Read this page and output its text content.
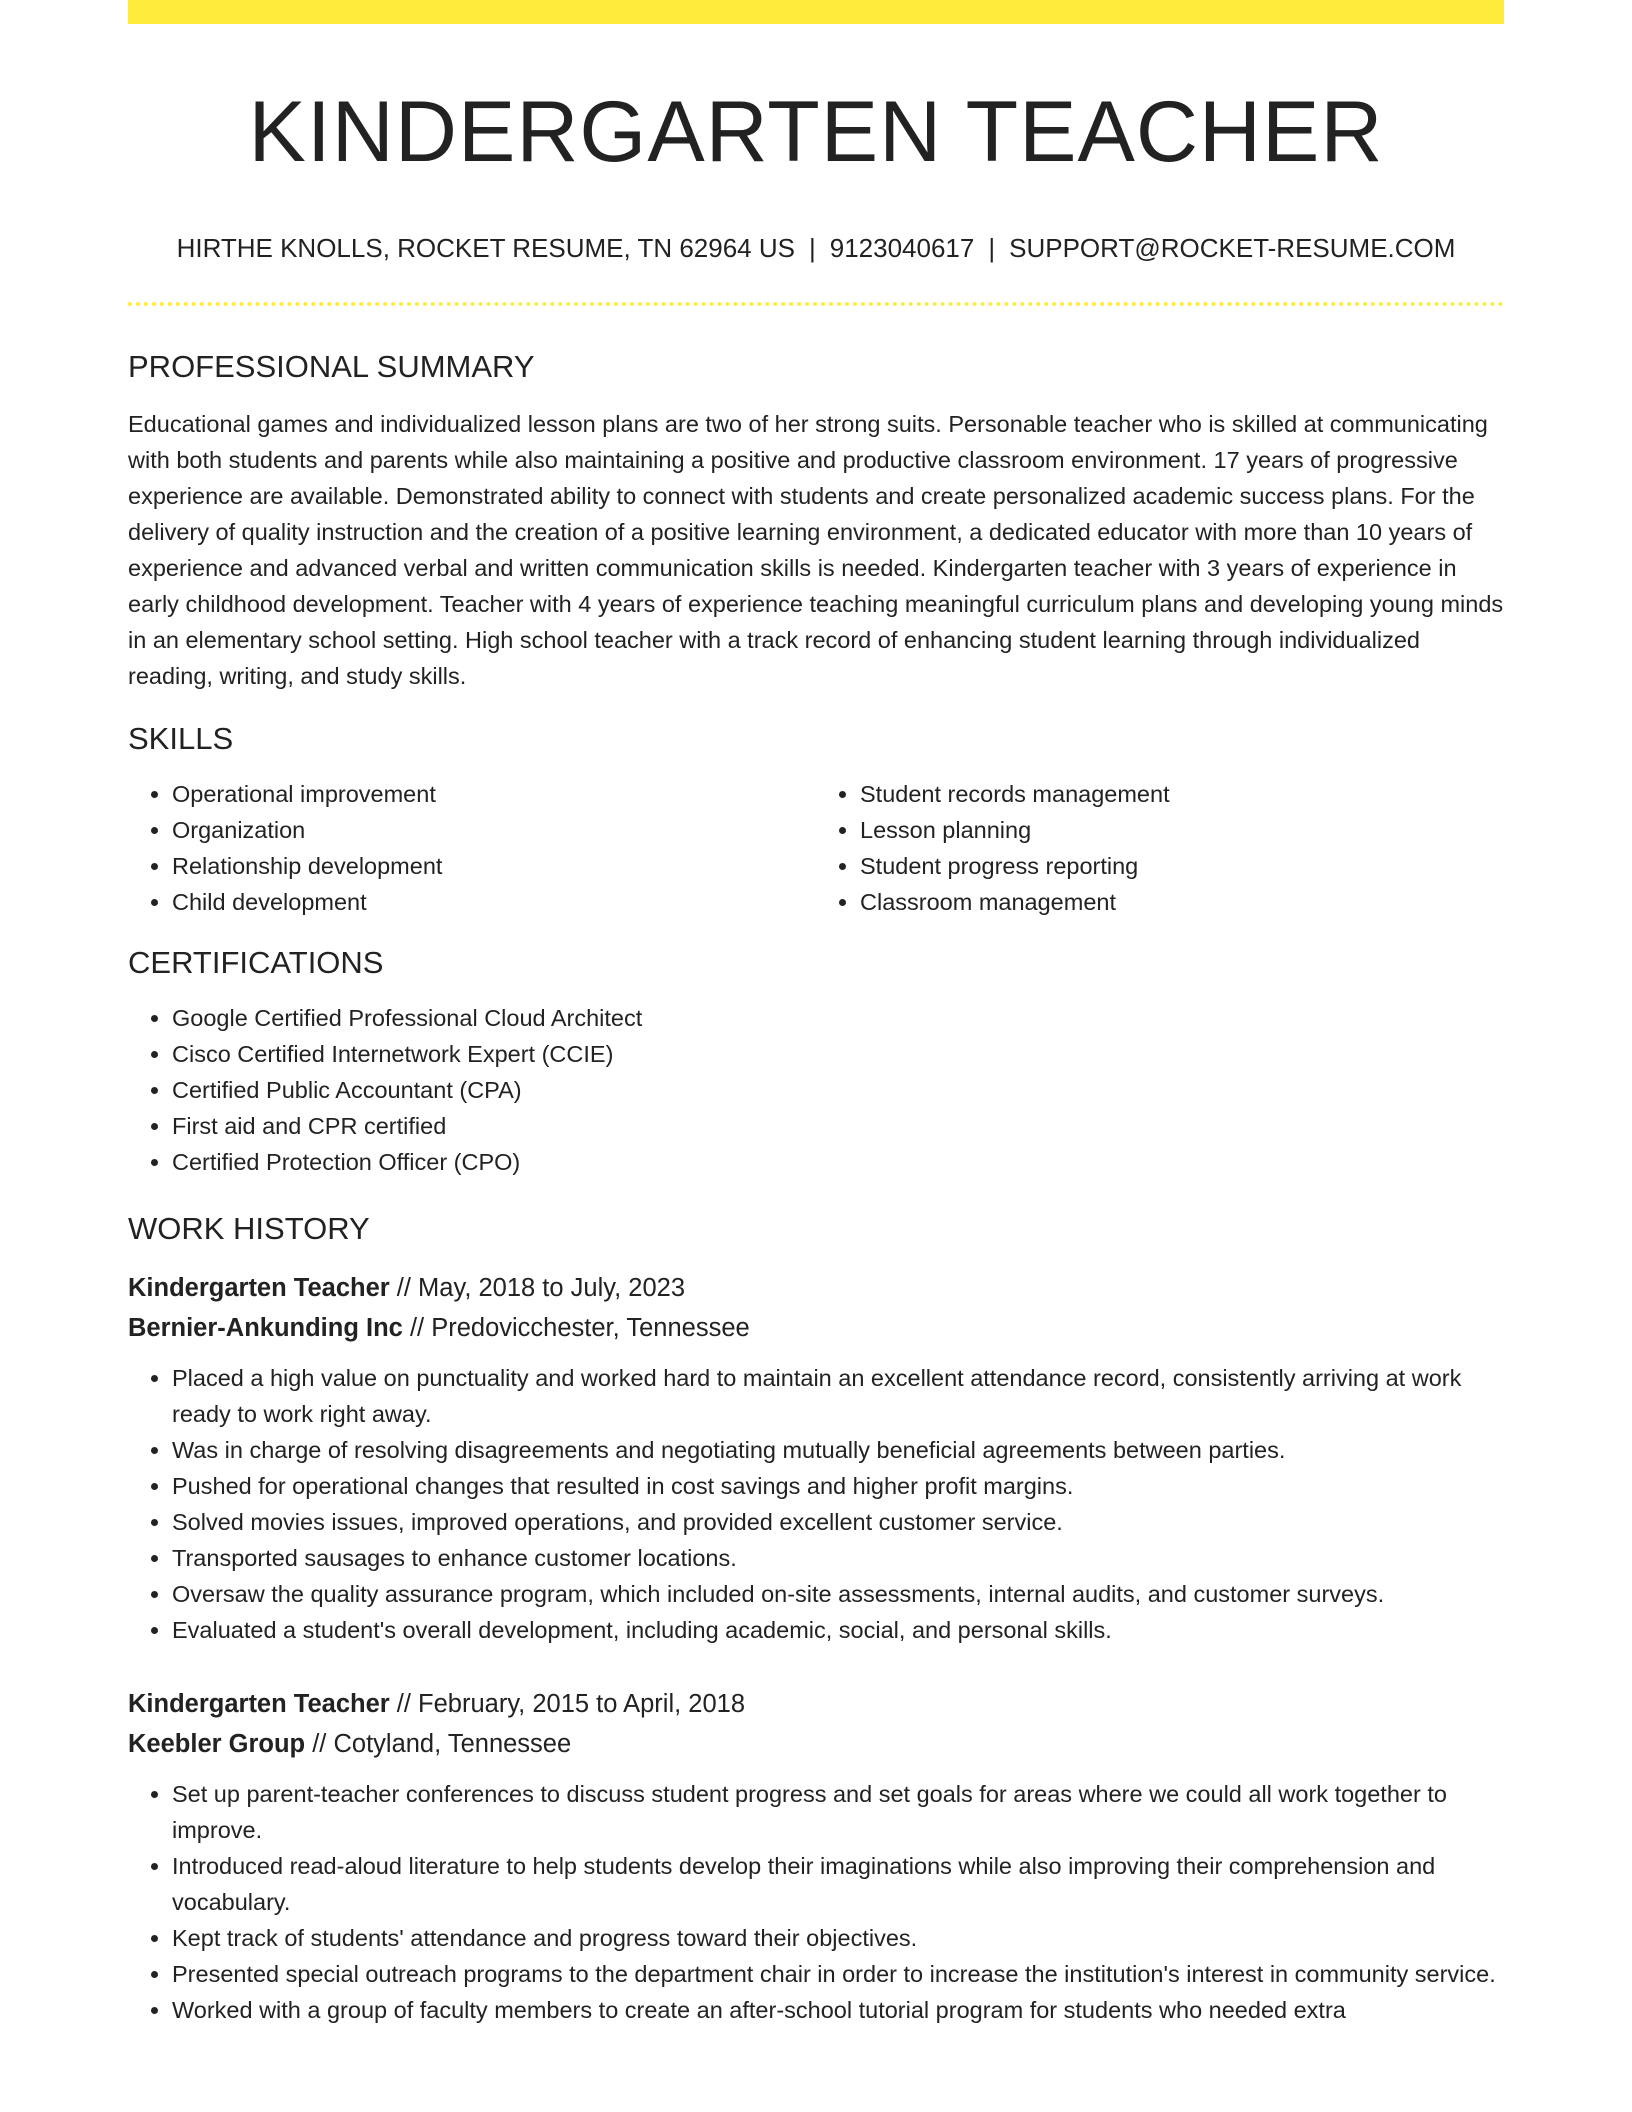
KINDERGARTEN TEACHER
HIRTHE KNOLLS, ROCKET RESUME, TN 62964 US | 9123040617 | SUPPORT@ROCKET-RESUME.COM
PROFESSIONAL SUMMARY
Educational games and individualized lesson plans are two of her strong suits. Personable teacher who is skilled at communicating with both students and parents while also maintaining a positive and productive classroom environment. 17 years of progressive experience are available. Demonstrated ability to connect with students and create personalized academic success plans. For the delivery of quality instruction and the creation of a positive learning environment, a dedicated educator with more than 10 years of experience and advanced verbal and written communication skills is needed. Kindergarten teacher with 3 years of experience in early childhood development. Teacher with 4 years of experience teaching meaningful curriculum plans and developing young minds in an elementary school setting. High school teacher with a track record of enhancing student learning through individualized reading, writing, and study skills.
SKILLS
• Operational improvement
• Organization
• Relationship development
• Child development
• Student records management
• Lesson planning
• Student progress reporting
• Classroom management
CERTIFICATIONS
• Google Certified Professional Cloud Architect
• Cisco Certified Internetwork Expert (CCIE)
• Certified Public Accountant (CPA)
• First aid and CPR certified
• Certified Protection Officer (CPO)
WORK HISTORY
Kindergarten Teacher // May, 2018 to July, 2023
Bernier-Ankunding Inc // Predovicchester, Tennessee
• Placed a high value on punctuality and worked hard to maintain an excellent attendance record, consistently arriving at work ready to work right away.
• Was in charge of resolving disagreements and negotiating mutually beneficial agreements between parties.
• Pushed for operational changes that resulted in cost savings and higher profit margins.
• Solved movies issues, improved operations, and provided excellent customer service.
• Transported sausages to enhance customer locations.
• Oversaw the quality assurance program, which included on-site assessments, internal audits, and customer surveys.
• Evaluated a student's overall development, including academic, social, and personal skills.
Kindergarten Teacher // February, 2015 to April, 2018
Keebler Group // Cotyland, Tennessee
• Set up parent-teacher conferences to discuss student progress and set goals for areas where we could all work together to improve.
• Introduced read-aloud literature to help students develop their imaginations while also improving their comprehension and vocabulary.
• Kept track of students' attendance and progress toward their objectives.
• Presented special outreach programs to the department chair in order to increase the institution's interest in community service.
• Worked with a group of faculty members to create an after-school tutorial program for students who needed extra
